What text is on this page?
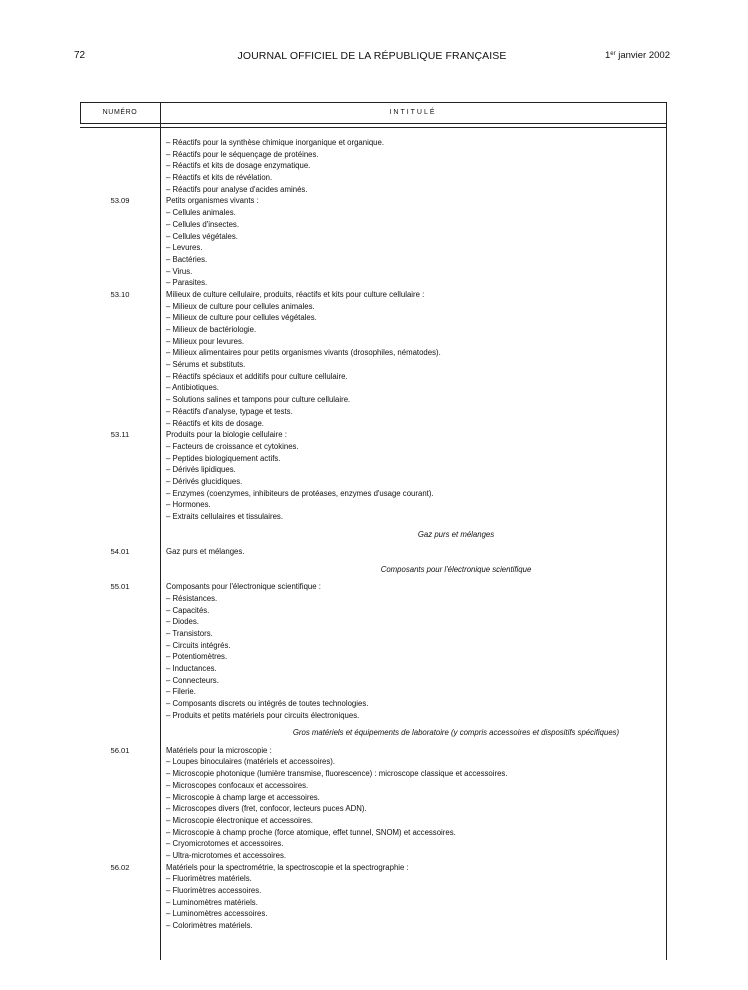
72	JOURNAL OFFICIEL DE LA RÉPUBLIQUE FRANÇAISE	1er janvier 2002
NUMÉRO	INTITULÉ
– Réactifs pour la synthèse chimique inorganique et organique.
– Réactifs pour le séquençage de protéines.
– Réactifs et kits de dosage enzymatique.
– Réactifs et kits de révélation.
– Réactifs pour analyse d'acides aminés.
53.09	Petits organismes vivants :
– Cellules animales.
– Cellules d'insectes.
– Cellules végétales.
– Levures.
– Bactéries.
– Virus.
– Parasites.
53.10	Milieux de culture cellulaire, produits, réactifs et kits pour culture cellulaire :
– Milieux de culture pour cellules animales.
– Milieux de culture pour cellules végétales.
– Milieux de bactériologie.
– Milieux pour levures.
– Milieux alimentaires pour petits organismes vivants (drosophiles, nématodes).
– Sérums et substituts.
– Réactifs spéciaux et additifs pour culture cellulaire.
– Antibiotiques.
– Solutions salines et tampons pour culture cellulaire.
– Réactifs d'analyse, typage et tests.
– Réactifs et kits de dosage.
53.11	Produits pour la biologie cellulaire :
– Facteurs de croissance et cytokines.
– Peptides biologiquement actifs.
– Dérivés lipidiques.
– Dérivés glucidiques.
– Enzymes (coenzymes, inhibiteurs de protéases, enzymes d'usage courant).
– Hormones.
– Extraits cellulaires et tissulaires.
Gaz purs et mélanges
54.01	Gaz purs et mélanges.
Composants pour l'électronique scientifique
55.01	Composants pour l'électronique scientifique :
– Résistances.
– Capacités.
– Diodes.
– Transistors.
– Circuits intégrés.
– Potentiomètres.
– Inductances.
– Connecteurs.
– Filerie.
– Composants discrets ou intégrés de toutes technologies.
– Produits et petits matériels pour circuits électroniques.
Gros matériels et équipements de laboratoire (y compris accessoires et dispositifs spécifiques)
56.01	Matériels pour la microscopie :
– Loupes binoculaires (matériels et accessoires).
– Microscopie photonique (lumière transmise, fluorescence) : microscope classique et accessoires.
– Microscopes confocaux et accessoires.
– Microscopie à champ large et accessoires.
– Microscopes divers (fret, confocor, lecteurs puces ADN).
– Microscopie électronique et accessoires.
– Microscopie à champ proche (force atomique, effet tunnel, SNOM) et accessoires.
– Cryomicrotomes et accessoires.
– Ultra-microtomes et accessoires.
56.02	Matériels pour la spectrométrie, la spectroscopie et la spectrographie :
– Fluorimètres matériels.
– Fluorimètres accessoires.
– Luminomètres matériels.
– Luminomètres accessoires.
– Colorimètres matériels.
